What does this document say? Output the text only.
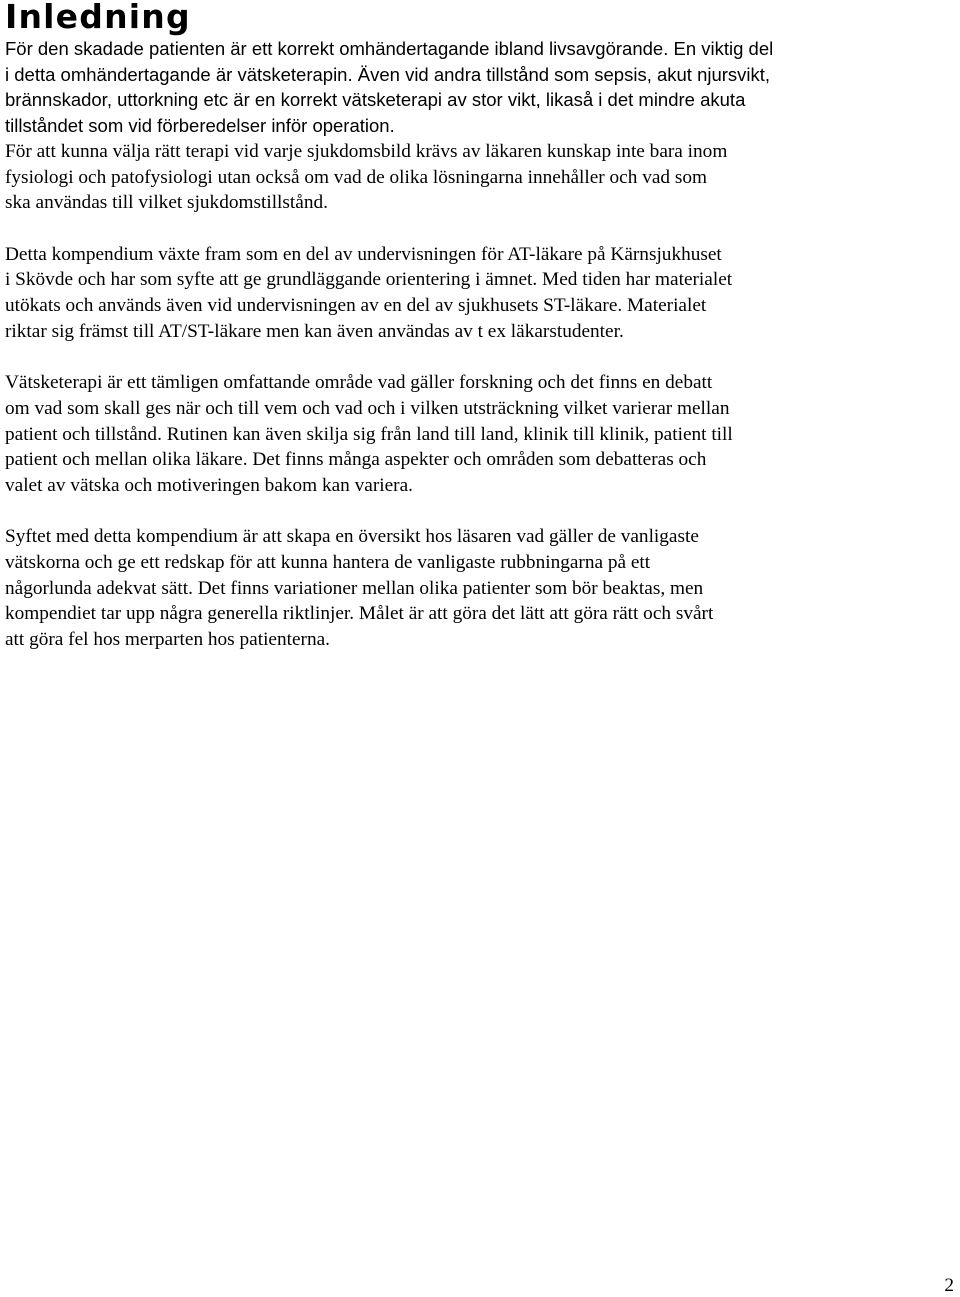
Inledning

För den skadade patienten är ett korrekt omhändertagande ibland livsavgörande. En viktig del
i detta omhändertagande är vätsketerapin. Även vid andra tillstånd som sepsis, akut njursvikt,
brännskador, uttorkning etc är en korrekt vätsketerapi av stor vikt, likaså i det mindre akuta
tillståndet som vid förberedelser inför operation.

För att kunna välja rätt terapi vid varje sjukdomsbild krävs av läkaren kunskap inte bara inom
fysiologi och patofysiologi utan också om vad de olika lösningarna innehåller och vad som
ska användas till vilket sjukdomstillstånd.

Detta kompendium växte fram som en del av undervisningen för AT-läkare på Kärnsjukhuset
i Skövde och har som syfte att ge grundläggande orientering i ämnet. Med tiden har materialet
utökats och används även vid undervisningen av en del av sjukhusets ST-läkare. Materialet
riktar sig främst till AT/ST-läkare men kan även användas av t ex läkarstudenter.

Vätsketerapi är ett tämligen omfattande område vad gäller forskning och det finns en debatt
om vad som skall ges när och till vem och vad och i vilken utsträckning vilket varierar mellan
patient och tillstånd. Rutinen kan även skilja sig från land till land, klinik till klinik, patient till
patient och mellan olika läkare. Det finns många aspekter och områden som debatteras och
valet av vätska och motiveringen bakom kan variera.

Syftet med detta kompendium är att skapa en översikt hos läsaren vad gäller de vanligaste
vätskorna och ge ett redskap för att kunna hantera de vanligaste rubbningarna på ett
någorlunda adekvat sätt. Det finns variationer mellan olika patienter som bör beaktas, men
kompendiet tar upp några generella riktlinjer. Målet är att göra det lätt att göra rätt och svårt
att göra fel hos merparten hos patienterna.

2
